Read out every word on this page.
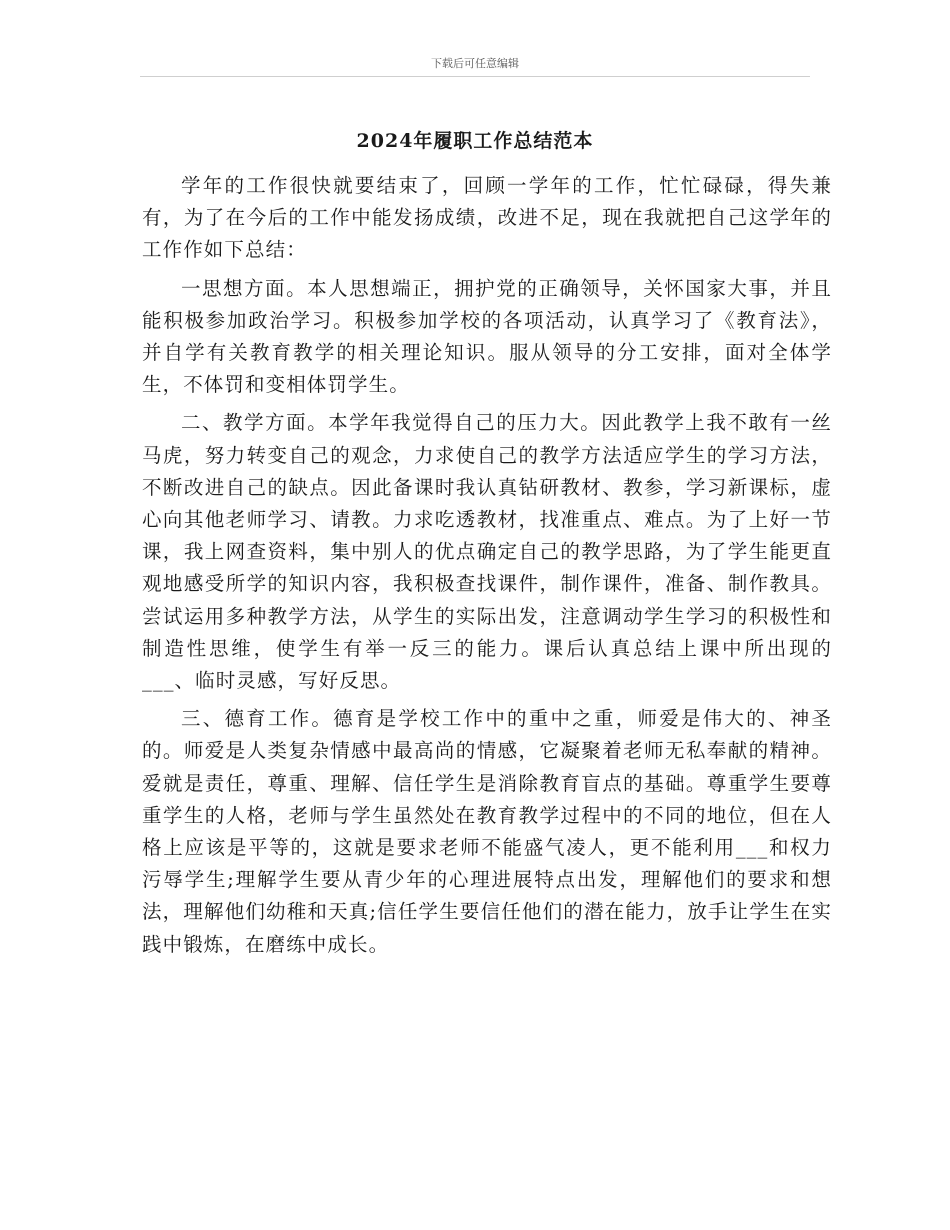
下载后可任意编辑
2024年履职工作总结范本

学年的工作很快就要结束了，回顾一学年的工作，忙忙碌碌，得失兼有，为了在今后的工作中能发扬成绩，改进不足，现在我就把自己这学年的工作作如下总结：

一思想方面。本人思想端正，拥护党的正确领导，关怀国家大事，并且能积极参加政治学习。积极参加学校的各项活动，认真学习了《教育法》，并自学有关教育教学的相关理论知识。服从领导的分工安排，面对全体学生，不体罚和变相体罚学生。

二、教学方面。本学年我觉得自己的压力大。因此教学上我不敢有一丝马虎，努力转变自己的观念，力求使自己的教学方法适应学生的学习方法，不断改进自己的缺点。因此备课时我认真钻研教材、教参，学习新课标，虚心向其他老师学习、请教。力求吃透教材，找准重点、难点。为了上好一节课，我上网查资料，集中别人的优点确定自己的教学思路，为了学生能更直观地感受所学的知识内容，我积极查找课件，制作课件，准备、制作教具。尝试运用多种教学方法，从学生的实际出发，注意调动学生学习的积极性和制造性思维，使学生有举一反三的能力。课后认真总结上课中所出现的___、临时灵感，写好反思。

三、德育工作。德育是学校工作中的重中之重，师爱是伟大的、神圣的。师爱是人类复杂情感中最高尚的情感，它凝聚着老师无私奉献的精神。爱就是责任，尊重、理解、信任学生是消除教育盲点的基础。尊重学生要尊重学生的人格，老师与学生虽然处在教育教学过程中的不同的地位，但在人格上应该是平等的，这就是要求老师不能盛气凌人，更不能利用___和权力污辱学生;理解学生要从青少年的心理进展特点出发，理解他们的要求和想法，理解他们幼稚和天真;信任学生要信任他们的潜在能力，放手让学生在实践中锻炼，在磨练中成长。
